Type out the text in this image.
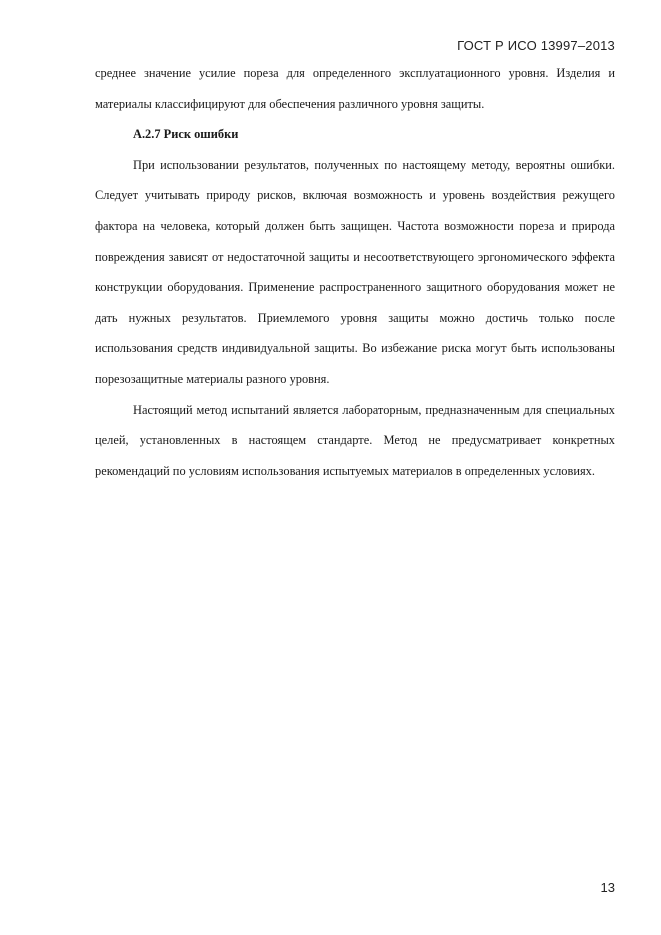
ГОСТ Р ИСО 13997–2013

среднее значение усилие пореза для определенного эксплуатационного уровня. Изделия и материалы классифицируют для обеспечения различного уровня защиты.

А.2.7 Риск ошибки

При использовании результатов, полученных по настоящему методу, вероятны ошибки. Следует учитывать природу рисков, включая возможность и уровень воздействия режущего фактора на человека, который должен быть защищен. Частота возможности пореза и природа повреждения зависят от недостаточной защиты и несоответствующего эргономического эффекта конструкции оборудования. Применение распространенного защитного оборудования может не дать нужных результатов. Приемлемого уровня защиты можно достичь только после использования средств индивидуальной защиты. Во избежание риска могут быть использованы порезозащитные материалы разного уровня.

Настоящий метод испытаний является лабораторным, предназначенным для специальных целей, установленных в настоящем стандарте. Метод не предусматривает конкретных рекомендаций по условиям использования испытуемых материалов в определенных условиях.

13
